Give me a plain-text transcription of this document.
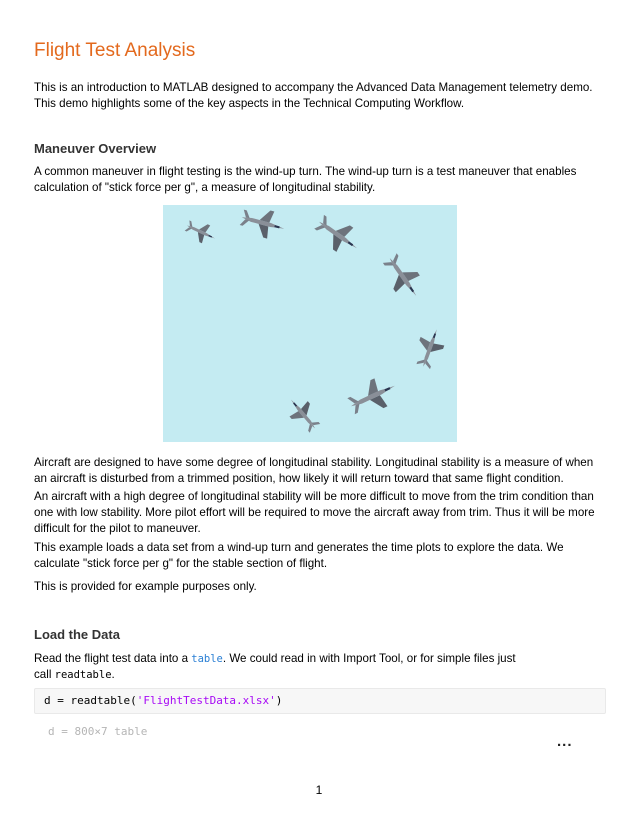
Flight Test Analysis

This is an introduction to MATLAB designed to accompany the Advanced Data Management telemetry demo. This demo highlights some of the key aspects in the Technical Computing Workflow.

Maneuver Overview

A common maneuver in flight testing is the wind-up turn. The wind-up turn is a test maneuver that enables calculation of "stick force per g", a measure of longitudinal stability.

Aircraft are designed to have some degree of longitudinal stability. Longitudinal stability is a measure of when an aircraft is disturbed from a trimmed position, how likely it will return toward that same flight condition.

An aircraft with a high degree of longitudinal stability will be more difficult to move from the trim condition than one with low stability. More pilot effort will be required to move the aircraft away from trim. Thus it will be more difficult for the pilot to maneuver.

This example loads a data set from a wind-up turn and generates the time plots to explore the data. We calculate "stick force per g" for the stable section of flight.

This is provided for example purposes only.

Load the Data

Read the flight test data into a table. We could read in with Import Tool, or for simple files just call readtable.

d = readtable('FlightTestData.xlsx')
d = 800×7 table
...
1
